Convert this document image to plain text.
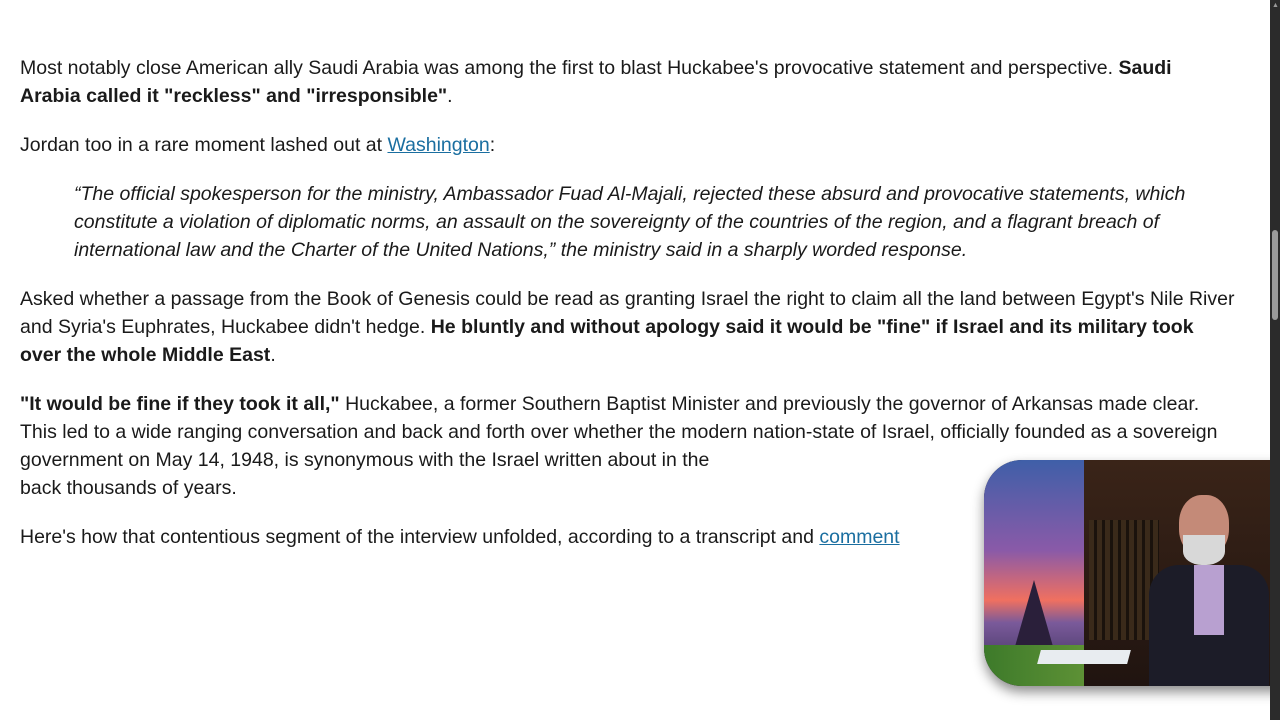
Most notably close American ally Saudi Arabia was among the first to blast Huckabee's provocative statement and perspective. Saudi Arabia called it "reckless" and "irresponsible".

Jordan too in a rare moment lashed out at Washington:

“The official spokesperson for the ministry, Ambassador Fuad Al-Majali, rejected these absurd and provocative statements, which constitute a violation of diplomatic norms, an assault on the sovereignty of the countries of the region, and a flagrant breach of international law and the Charter of the United Nations,” the ministry said in a sharply worded response.

Asked whether a passage from the Book of Genesis could be read as granting Israel the right to claim all the land between Egypt's Nile River and Syria's Euphrates, Huckabee didn't hedge. He bluntly and without apology said it would be "fine" if Israel and its military took over the whole Middle East.

"It would be fine if they took it all," Huckabee, a former Southern Baptist Minister and previously the governor of Arkansas made clear. This led to a wide ranging conversation and back and forth over whether the modern nation-state of Israel, officially founded as a sovereign government on May 14, 1948, is synonymous with the Israel written about in the
back thousands of years.

Here's how that contentious segment of the interview unfolded, according to a transcript and comment

▲
